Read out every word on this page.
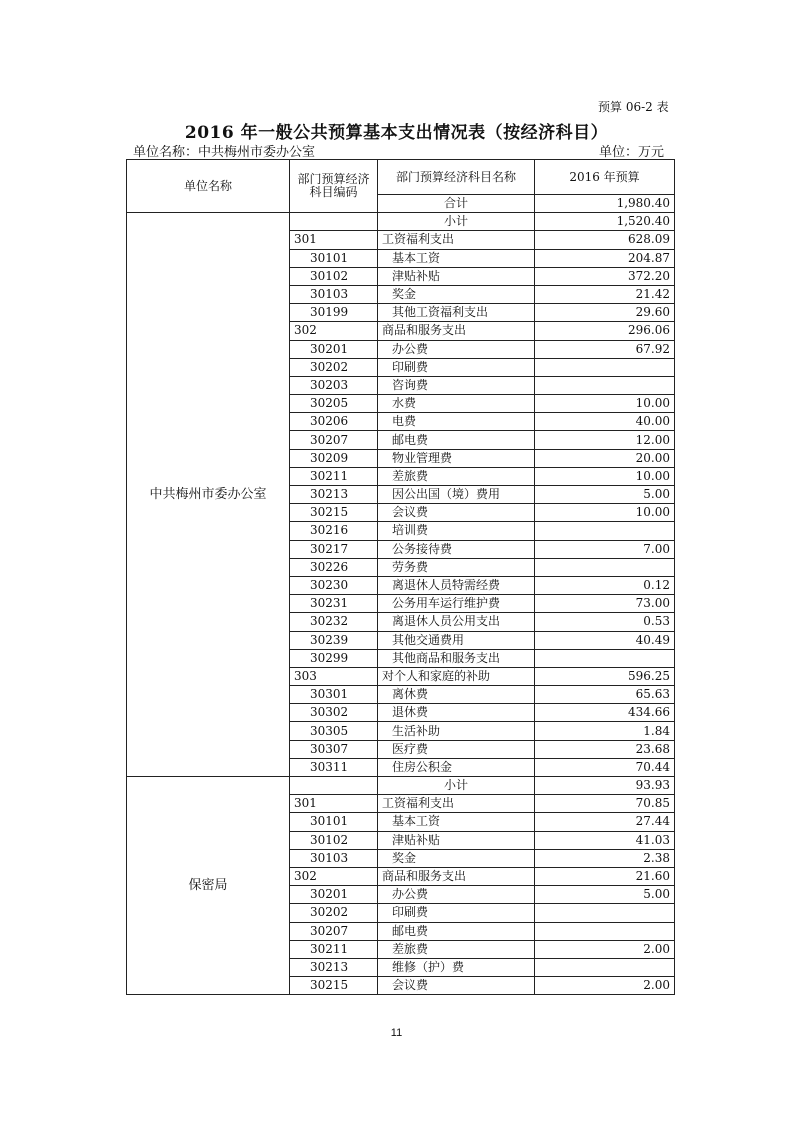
预算 06-2 表
2016 年一般公共预算基本支出情况表（按经济科目）
单位名称：中共梅州市委办公室	单位：万元
单位名称	部门预算经济科目编码	部门预算经济科目名称	2016 年预算
		合计	1,980.40
中共梅州市委办公室		小计	1,520.40
	301	工资福利支出	628.09
	30101	基本工资	204.87
	30102	津贴补贴	372.20
	30103	奖金	21.42
	30199	其他工资福利支出	29.60
	302	商品和服务支出	296.06
	30201	办公费	67.92
	30202	印刷费	
	30203	咨询费	
	30205	水费	10.00
	30206	电费	40.00
	30207	邮电费	12.00
	30209	物业管理费	20.00
	30211	差旅费	10.00
	30213	因公出国（境）费用	5.00
	30215	会议费	10.00
	30216	培训费	
	30217	公务接待费	7.00
	30226	劳务费	
	30230	离退休人员特需经费	0.12
	30231	公务用车运行维护费	73.00
	30232	离退休人员公用支出	0.53
	30239	其他交通费用	40.49
	30299	其他商品和服务支出	
	303	对个人和家庭的补助	596.25
	30301	离休费	65.63
	30302	退休费	434.66
	30305	生活补助	1.84
	30307	医疗费	23.68
	30311	住房公积金	70.44
保密局		小计	93.93
	301	工资福利支出	70.85
	30101	基本工资	27.44
	30102	津贴补贴	41.03
	30103	奖金	2.38
	302	商品和服务支出	21.60
	30201	办公费	5.00
	30202	印刷费	
	30207	邮电费	
	30211	差旅费	2.00
	30213	维修（护）费	
	30215	会议费	2.00
11
